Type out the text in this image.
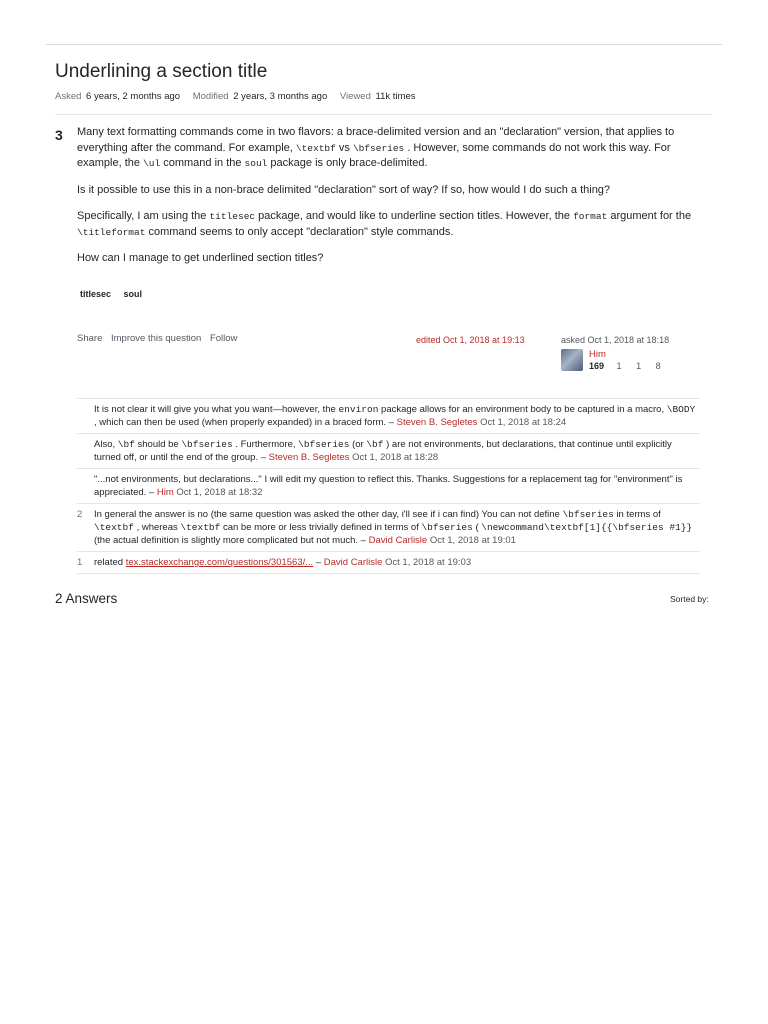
Underlining a section title
Asked 6 years, 2 months ago Modified 2 years, 3 months ago Viewed 11k times
3 Many text formatting commands come in two flavors: a brace-delimited version and an "declaration" version, that applies to everything after the command. For example, \textbf vs \bfseries . However, some commands do not work this way. For example, the \ul command in the soul package is only brace-delimited.

Is it possible to use this in a non-brace delimited "declaration" sort of way? If so, how would I do such a thing?

Specifically, I am using the titlesec package, and would like to underline section titles. However, the format argument for the \titleformat command seems to only accept "declaration" style commands.

How can I manage to get underlined section titles?

titlesec soul
Share Improve this question Follow	edited Oct 1, 2018 at 19:13	asked Oct 1, 2018 at 18:18
Him
169 1 1 8
It is not clear it will give you what you want—however, the environ package allows for an environment body to be captured in a macro, \BODY , which can then be used (when properly expanded) in a braced form. – Steven B. Segletes Oct 1, 2018 at 18:24
Also, \bf should be \bfseries . Furthermore, \bfseries (or \bf ) are not environments, but declarations, that continue until explicitly turned off, or until the end of the group. – Steven B. Segletes Oct 1, 2018 at 18:28
"...not environments, but declarations..." I will edit my question to reflect this. Thanks. Suggestions for a replacement tag for "environment" is appreciated. – Him Oct 1, 2018 at 18:32
2 In general the answer is no (the same question was asked the other day, i'll see if i can find) You can not define \bfseries in terms of \textbf , whereas \textbf can be more or less trivially defined in terms of \bfseries ( \newcommand\textbf[1]{{\bfseries #1}} (the actual definition is slightly more complicated but not much. – David Carlisle Oct 1, 2018 at 19:01
1 related tex.stackexchange.com/questions/301563/... – David Carlisle Oct 1, 2018 at 19:03
2 Answers	Sorted by:
